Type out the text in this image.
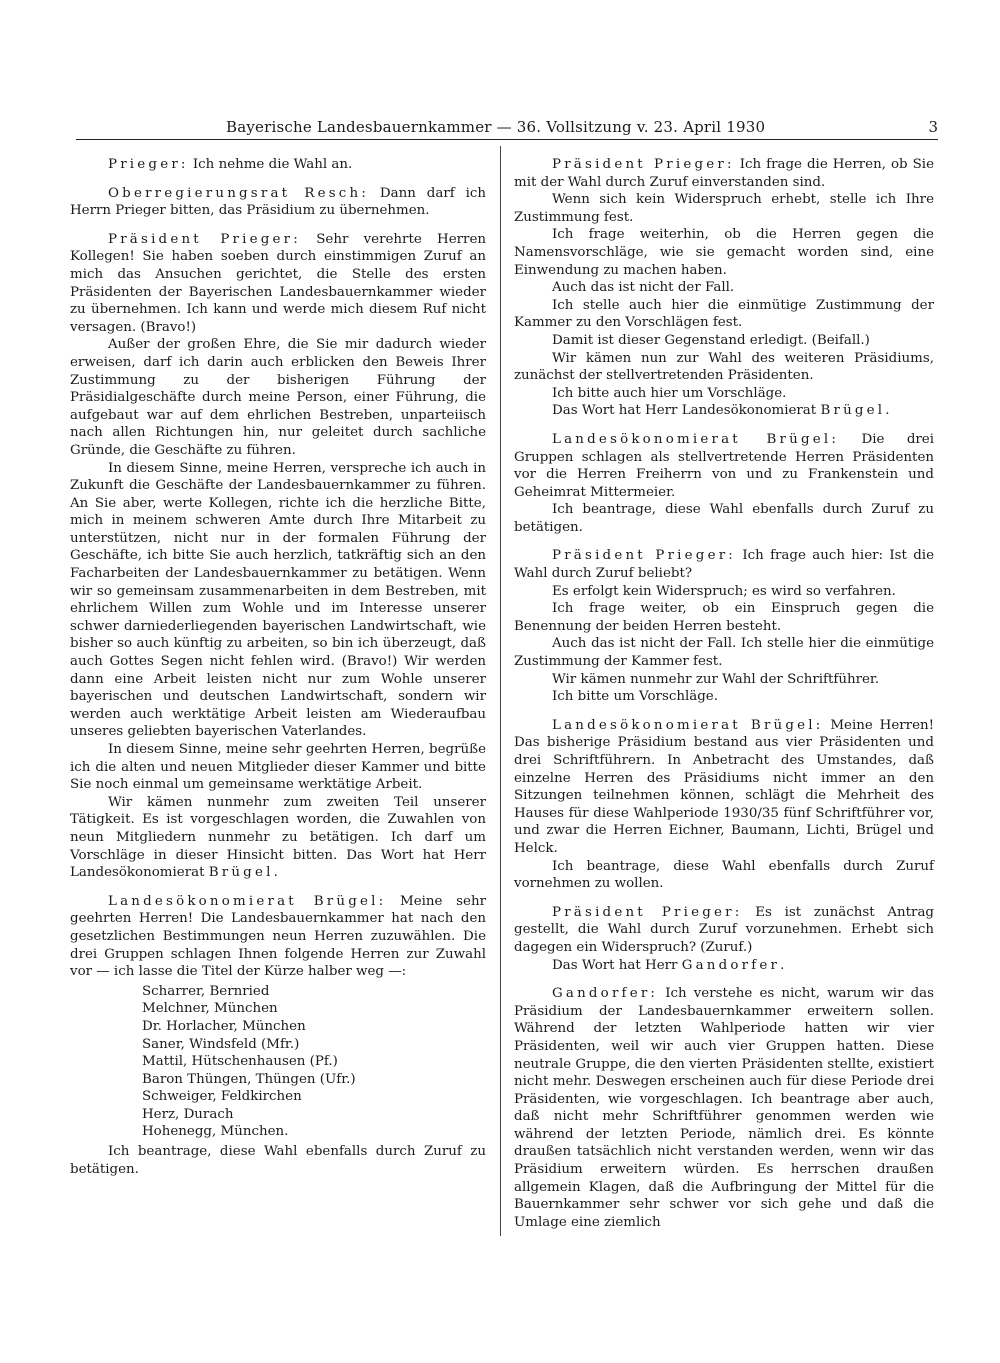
Bayerische Landesbauernkammer — 36. Vollsitzung v. 23. April 1930	3

Prieger: Ich nehme die Wahl an.

Oberregierungsrat Resch: Dann darf ich Herrn Prieger bitten, das Präsidium zu übernehmen.

Präsident Prieger: Sehr verehrte Herren Kollegen! Sie haben soeben durch einstimmigen Zuruf an mich das Ansuchen gerichtet, die Stelle des ersten Präsidenten der Bayerischen Landesbauernkammer wieder zu übernehmen. Ich kann und werde mich diesem Ruf nicht versagen. (Bravo!)

Außer der großen Ehre, die Sie mir dadurch wieder erweisen, darf ich darin auch erblicken den Beweis Ihrer Zustimmung zu der bisherigen Führung der Präsidialgeschäfte durch meine Person, einer Führung, die aufgebaut war auf dem ehrlichen Bestreben, unparteiisch nach allen Richtungen hin, nur geleitet durch sachliche Gründe, die Geschäfte zu führen.

In diesem Sinne, meine Herren, verspreche ich auch in Zukunft die Geschäfte der Landesbauernkammer zu führen. An Sie aber, werte Kollegen, richte ich die herzliche Bitte, mich in meinem schweren Amte durch Ihre Mitarbeit zu unterstützen, nicht nur in der formalen Führung der Geschäfte, ich bitte Sie auch herzlich, tatkräftig sich an den Facharbeiten der Landesbauernkammer zu betätigen. Wenn wir so gemeinsam zusammenarbeiten in dem Bestreben, mit ehrlichem Willen zum Wohle und im Interesse unserer schwer darniederliegenden bayerischen Landwirtschaft, wie bisher so auch künftig zu arbeiten, so bin ich überzeugt, daß auch Gottes Segen nicht fehlen wird. (Bravo!) Wir werden dann eine Arbeit leisten nicht nur zum Wohle unserer bayerischen und deutschen Landwirtschaft, sondern wir werden auch werktätige Arbeit leisten am Wiederaufbau unseres geliebten bayerischen Vaterlandes.

In diesem Sinne, meine sehr geehrten Herren, begrüße ich die alten und neuen Mitglieder dieser Kammer und bitte Sie noch einmal um gemeinsame werktätige Arbeit.

Wir kämen nunmehr zum zweiten Teil unserer Tätigkeit. Es ist vorgeschlagen worden, die Zuwahlen von neun Mitgliedern nunmehr zu betätigen. Ich darf um Vorschläge in dieser Hinsicht bitten. Das Wort hat Herr Landesökonomierat Brügel.

Landesökonomierat Brügel: Meine sehr geehrten Herren! Die Landesbauernkammer hat nach den gesetzlichen Bestimmungen neun Herren zuzuwählen. Die drei Gruppen schlagen Ihnen folgende Herren zur Zuwahl vor — ich lasse die Titel der Kürze halber weg —:

Scharrer, Bernried
Melchner, München
Dr. Horlacher, München
Saner, Windsfeld (Mfr.)
Mattil, Hütschenhausen (Pf.)
Baron Thüngen, Thüngen (Ufr.)
Schweiger, Feldkirchen
Herz, Durach
Hohenegg, München.

Ich beantrage, diese Wahl ebenfalls durch Zuruf zu betätigen.

Präsident Prieger: Ich frage die Herren, ob Sie mit der Wahl durch Zuruf einverstanden sind.

Wenn sich kein Widerspruch erhebt, stelle ich Ihre Zustimmung fest.

Ich frage weiterhin, ob die Herren gegen die Namensvorschläge, wie sie gemacht worden sind, eine Einwendung zu machen haben.

Auch das ist nicht der Fall.

Ich stelle auch hier die einmütige Zustimmung der Kammer zu den Vorschlägen fest.

Damit ist dieser Gegenstand erledigt. (Beifall.)

Wir kämen nun zur Wahl des weiteren Präsidiums, zunächst der stellvertretenden Präsidenten.

Ich bitte auch hier um Vorschläge.

Das Wort hat Herr Landesökonomierat Brügel.

Landesökonomierat Brügel: Die drei Gruppen schlagen als stellvertretende Herren Präsidenten vor die Herren Freiherrn von und zu Frankenstein und Geheimrat Mittermeier.

Ich beantrage, diese Wahl ebenfalls durch Zuruf zu betätigen.

Präsident Prieger: Ich frage auch hier: Ist die Wahl durch Zuruf beliebt?

Es erfolgt kein Widerspruch; es wird so verfahren.

Ich frage weiter, ob ein Einspruch gegen die Benennung der beiden Herren besteht.

Auch das ist nicht der Fall. Ich stelle hier die einmütige Zustimmung der Kammer fest.

Wir kämen nunmehr zur Wahl der Schriftführer.

Ich bitte um Vorschläge.

Landesökonomierat Brügel: Meine Herren! Das bisherige Präsidium bestand aus vier Präsidenten und drei Schriftführern. In Anbetracht des Umstandes, daß einzelne Herren des Präsidiums nicht immer an den Sitzungen teilnehmen können, schlägt die Mehrheit des Hauses für diese Wahlperiode 1930/35 fünf Schriftführer vor, und zwar die Herren Eichner, Baumann, Lichti, Brügel und Helck.

Ich beantrage, diese Wahl ebenfalls durch Zuruf vornehmen zu wollen.

Präsident Prieger: Es ist zunächst Antrag gestellt, die Wahl durch Zuruf vorzunehmen. Erhebt sich dagegen ein Widerspruch? (Zuruf.)

Das Wort hat Herr Gandorfer.

Gandorfer: Ich verstehe es nicht, warum wir das Präsidium der Landesbauernkammer erweitern sollen. Während der letzten Wahlperiode hatten wir vier Präsidenten, weil wir auch vier Gruppen hatten. Diese neutrale Gruppe, die den vierten Präsidenten stellte, existiert nicht mehr. Deswegen erscheinen auch für diese Periode drei Präsidenten, wie vorgeschlagen. Ich beantrage aber auch, daß nicht mehr Schriftführer genommen werden wie während der letzten Periode, nämlich drei. Es könnte draußen tatsächlich nicht verstanden werden, wenn wir das Präsidium erweitern würden. Es herrschen draußen allgemein Klagen, daß die Aufbringung der Mittel für die Bauernkammer sehr schwer vor sich gehe und daß die Umlage eine ziemlich
